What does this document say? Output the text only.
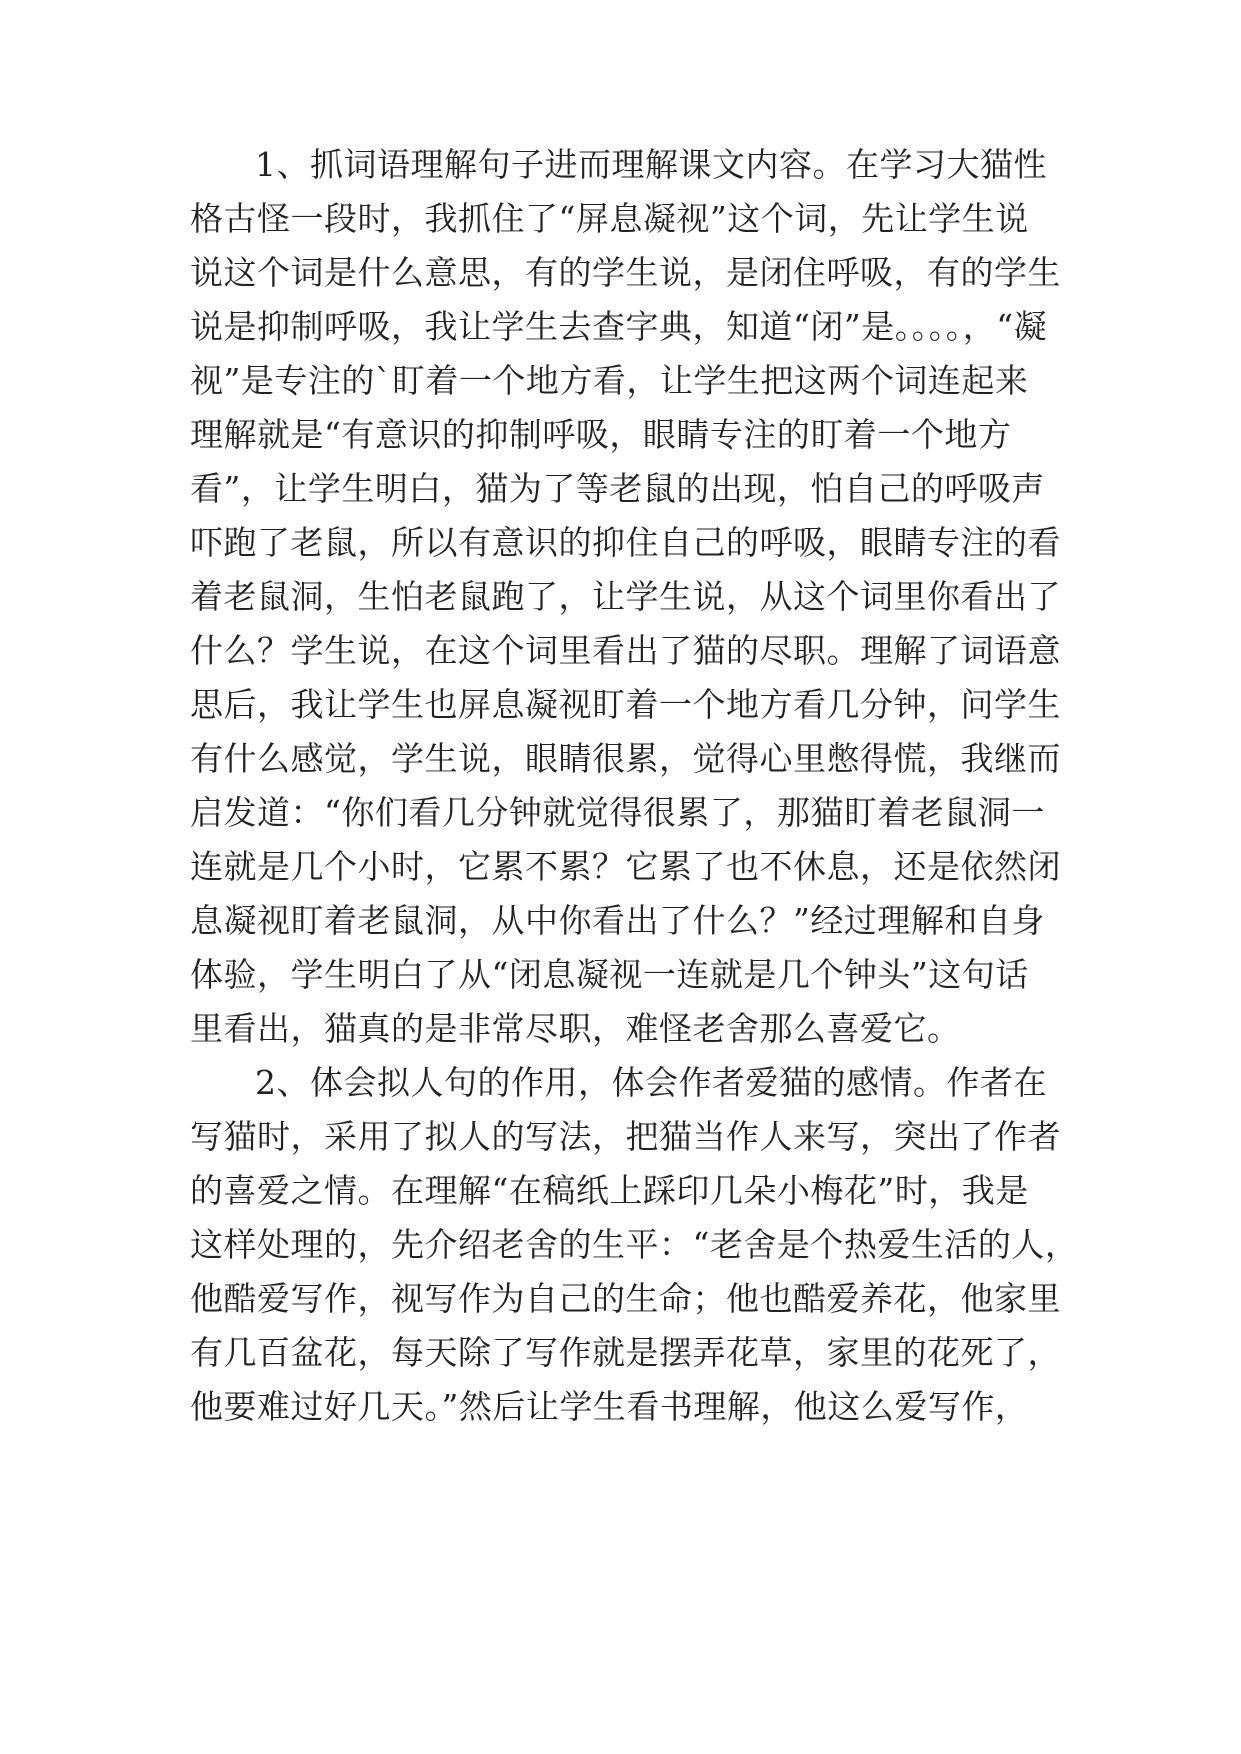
1、抓词语理解句子进而理解课文内容。在学习大猫性
格古怪一段时，我抓住了“屏息凝视”这个词，先让学生说
说这个词是什么意思，有的学生说，是闭住呼吸，有的学生
说是抑制呼吸，我让学生去查字典，知道“闭”是。。。。，“凝
视”是专注的`盯着一个地方看，让学生把这两个词连起来
理解就是“有意识的抑制呼吸，眼睛专注的盯着一个地方
看”，让学生明白，猫为了等老鼠的出现，怕自己的呼吸声
吓跑了老鼠，所以有意识的抑住自己的呼吸，眼睛专注的看
着老鼠洞，生怕老鼠跑了，让学生说，从这个词里你看出了
什么？学生说，在这个词里看出了猫的尽职。理解了词语意
思后，我让学生也屏息凝视盯着一个地方看几分钟，问学生
有什么感觉，学生说，眼睛很累，觉得心里憋得慌，我继而
启发道：“你们看几分钟就觉得很累了，那猫盯着老鼠洞一
连就是几个小时，它累不累？它累了也不休息，还是依然闭
息凝视盯着老鼠洞，从中你看出了什么？”经过理解和自身
体验，学生明白了从“闭息凝视一连就是几个钟头”这句话
里看出，猫真的是非常尽职，难怪老舍那么喜爱它。
2、体会拟人句的作用，体会作者爱猫的感情。作者在
写猫时，采用了拟人的写法，把猫当作人来写，突出了作者
的喜爱之情。在理解“在稿纸上踩印几朵小梅花”时，我是
这样处理的，先介绍老舍的生平：“老舍是个热爱生活的人，
他酷爱写作，视写作为自己的生命；他也酷爱养花，他家里
有几百盆花，每天除了写作就是摆弄花草，家里的花死了，
他要难过好几天。”然后让学生看书理解，他这么爱写作，
